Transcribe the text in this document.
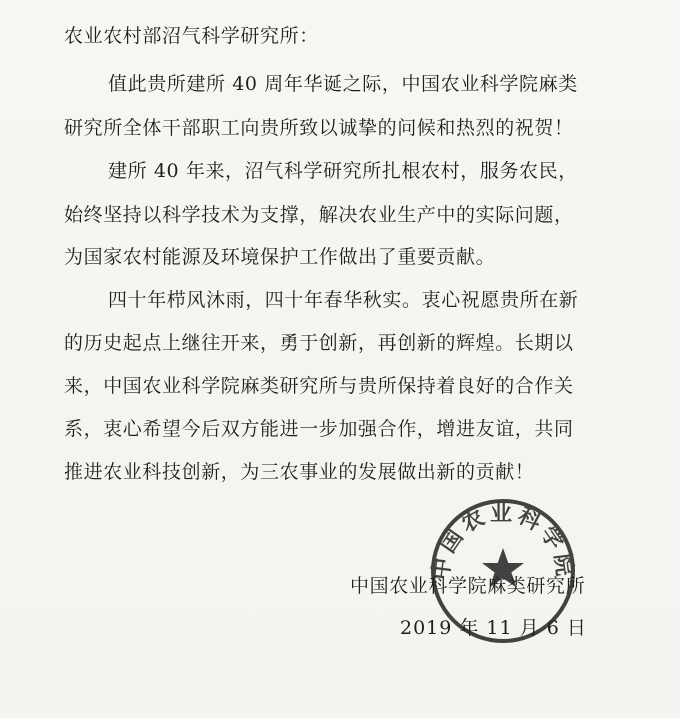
农业农村部沼气科学研究所：
值此贵所建所 40 周年华诞之际，中国农业科学院麻类
研究所全体干部职工向贵所致以诚挚的问候和热烈的祝贺！
建所 40 年来，沼气科学研究所扎根农村，服务农民，
始终坚持以科学技术为支撑，解决农业生产中的实际问题，
为国家农村能源及环境保护工作做出了重要贡献。
四十年栉风沐雨，四十年春华秋实。衷心祝愿贵所在新
的历史起点上继往开来，勇于创新，再创新的辉煌。长期以
来，中国农业科学院麻类研究所与贵所保持着良好的合作关
系，衷心希望今后双方能进一步加强合作，增进友谊，共同
推进农业科技创新，为三农事业的发展做出新的贡献！
中国农业科学院
中国农业科学院麻类研究所
2019 年 11 月 6 日
